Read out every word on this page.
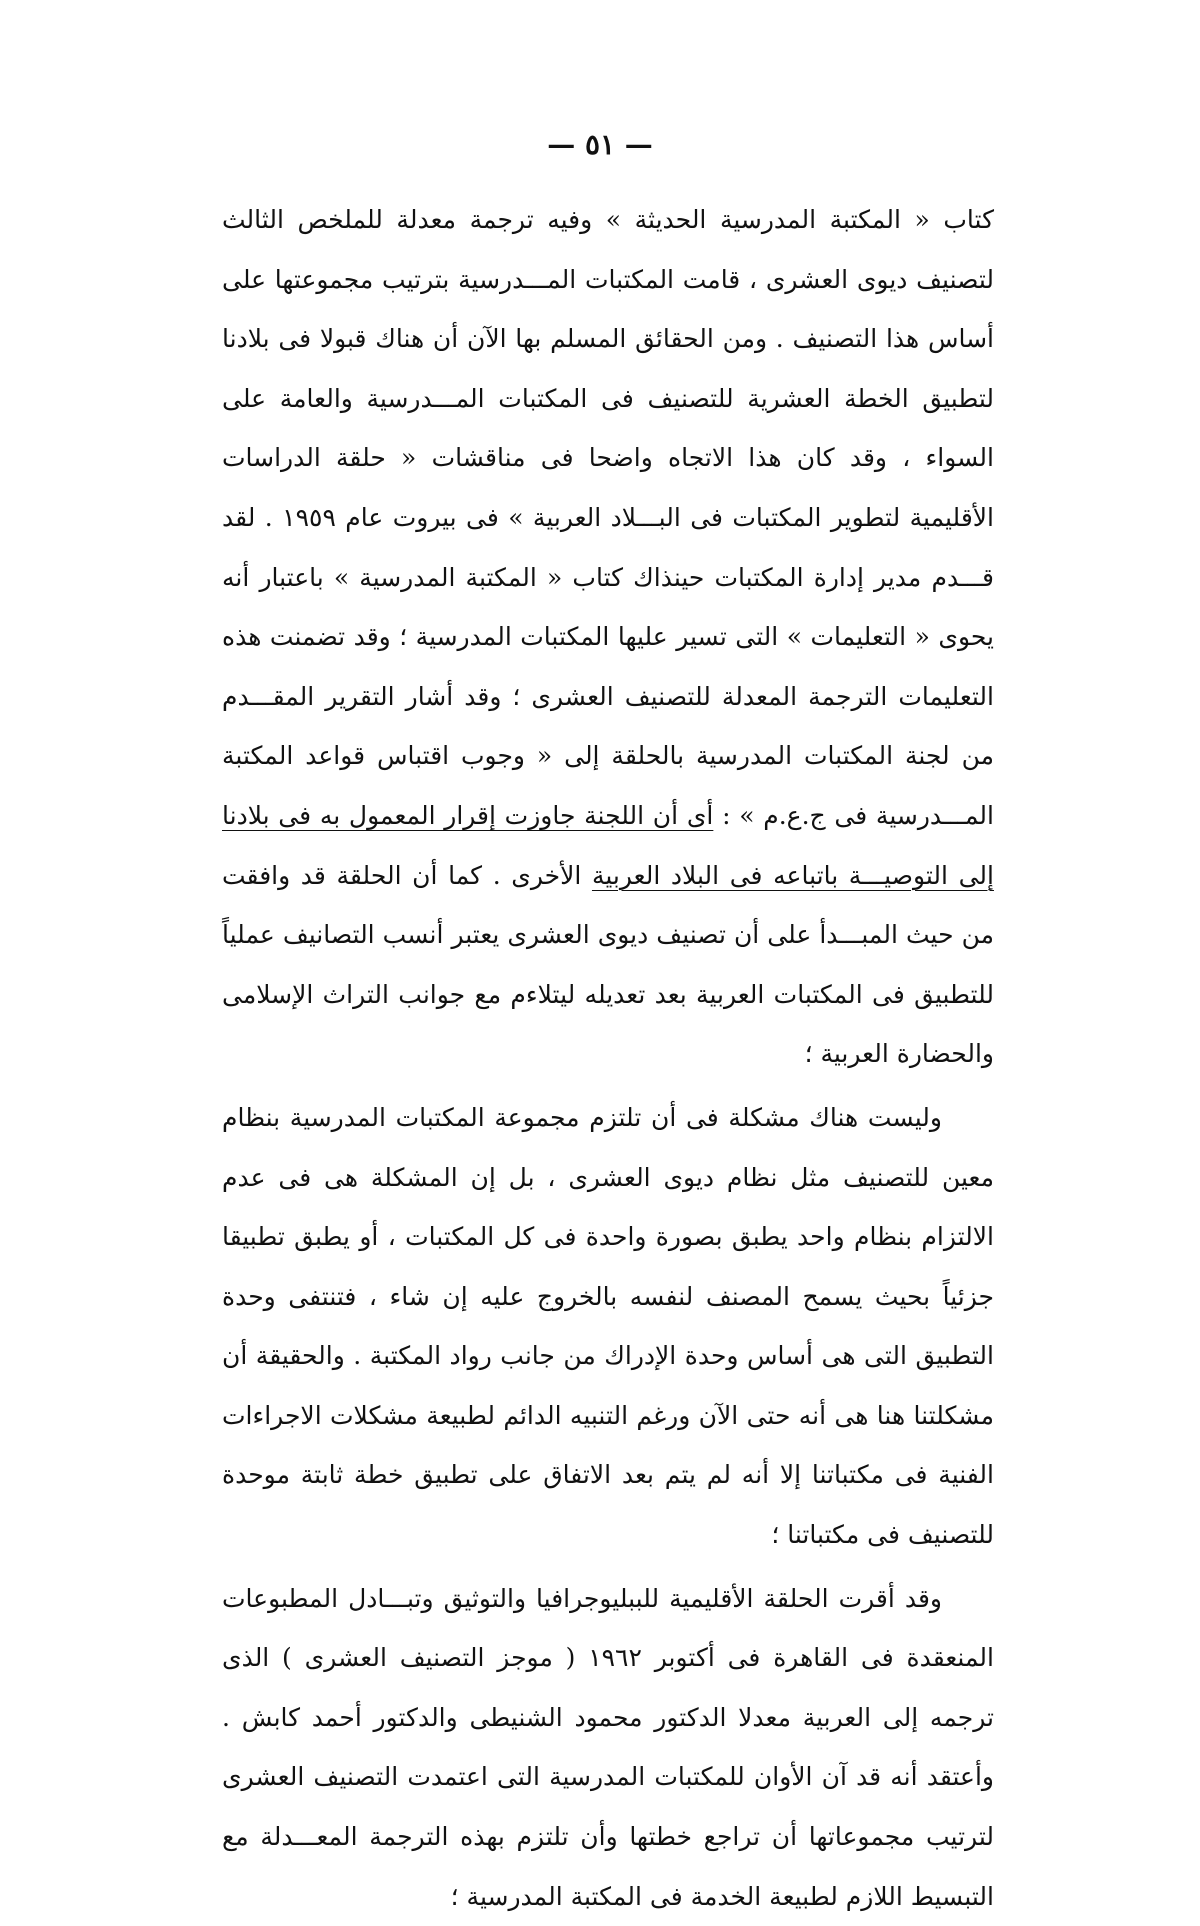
— ٥١ —

كتاب « المكتبة المدرسية الحديثة » وفيه ترجمة معدلة للملخص الثالث لتصنيف ديوى العشرى ، قامت المكتبات المـــدرسية بترتيب مجموعتها على أساس هذا التصنيف . ومن الحقائق المسلم بها الآن أن هناك قبولا فى بلادنا لتطبيق الخطة العشرية للتصنيف فى المكتبات المـــدرسية والعامة على السواء ، وقد كان هذا الاتجاه واضحا فى مناقشات « حلقة الدراسات الأقليمية لتطوير المكتبات فى البـــلاد العربية » فى بيروت عام ١٩٥٩ . لقد قـــدم مدير إدارة المكتبات حينذاك كتاب « المكتبة المدرسية » باعتبار أنه يحوى « التعليمات » التى تسير عليها المكتبات المدرسية ؛ وقد تضمنت هذه التعليمات الترجمة المعدلة للتصنيف العشرى ؛ وقد أشار التقرير المقـــدم من لجنة المكتبات المدرسية بالحلقة إلى « وجوب اقتباس قواعد المكتبة المـــدرسية فى ج.ع.م » : أى أن اللجنة جاوزت إقرار المعمول به فى بلادنا إلى التوصيـــة باتباعه فى البلاد العربية الأخرى . كما أن الحلقة قد وافقت من حيث المبـــدأ على أن تصنيف ديوى العشرى يعتبر أنسب التصانيف عملياً للتطبيق فى المكتبات العربية بعد تعديله ليتلاءم مع جوانب التراث الإسلامى والحضارة العربية ؛

وليست هناك مشكلة فى أن تلتزم مجموعة المكتبات المدرسية بنظام معين للتصنيف مثل نظام ديوى العشرى ، بل إن المشكلة هى فى عدم الالتزام بنظام واحد يطبق بصورة واحدة فى كل المكتبات ، أو يطبق تطبيقا جزئياً بحيث يسمح المصنف لنفسه بالخروج عليه إن شاء ، فتنتفى وحدة التطبيق التى هى أساس وحدة الإدراك من جانب رواد المكتبة . والحقيقة أن مشكلتنا هنا هى أنه حتى الآن ورغم التنبيه الدائم لطبيعة مشكلات الاجراءات الفنية فى مكتباتنا إلا أنه لم يتم بعد الاتفاق على تطبيق خطة ثابتة موحدة للتصنيف فى مكتباتنا ؛

وقد أقرت الحلقة الأقليمية للببليوجرافيا والتوثيق وتبـــادل المطبوعات المنعقدة فى القاهرة فى أكتوبر ١٩٦٢ ( موجز التصنيف العشرى ) الذى ترجمه إلى العربية معدلا الدكتور محمود الشنيطى والدكتور أحمد كابش . وأعتقد أنه قد آن الأوان للمكتبات المدرسية التى اعتمدت التصنيف العشرى لترتيب مجموعاتها أن تراجع خطتها وأن تلتزم بهذه الترجمة المعـــدلة مع التبسيط اللازم لطبيعة الخدمة فى المكتبة المدرسية ؛
